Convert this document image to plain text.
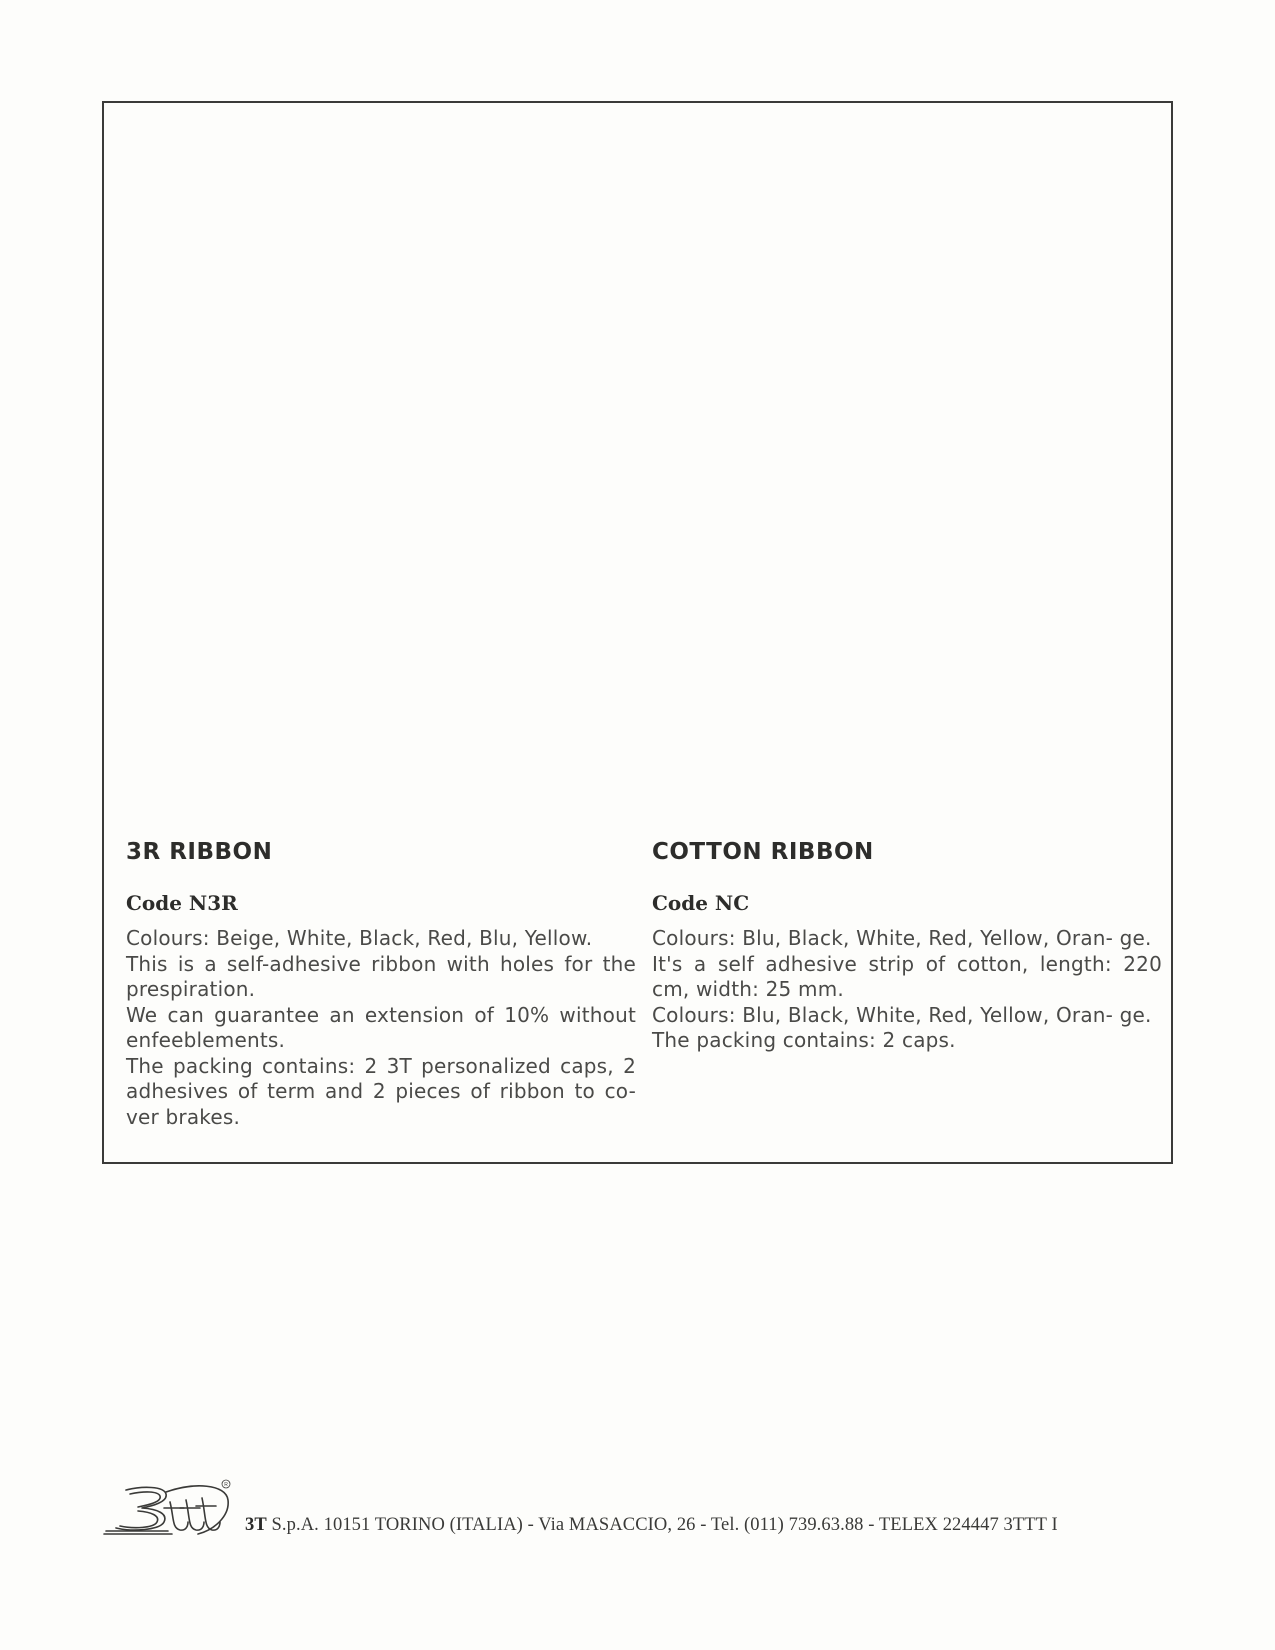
3R RIBBON
Code N3R

Colours: Beige, White, Black, Red, Blu, Yellow.

This is a self-adhesive ribbon with holes for the prespiration.

We can guarantee an extension of 10% without enfeeblements.

The packing contains: 2 3T personalized caps, 2 adhesives of term and 2 pieces of ribbon to co- ver brakes.

COTTON RIBBON
Code NC

Colours: Blu, Black, White, Red, Yellow, Oran- ge.

It's a self adhesive strip of cotton, length: 220 cm, width: 25 mm.

Colours: Blu, Black, White, Red, Yellow, Oran- ge.

The packing contains: 2 caps.

R
3T S.p.A. 10151 TORINO (ITALIA) - Via MASACCIO, 26 - Tel. (011) 739.63.88 - TELEX 224447 3TTT I
